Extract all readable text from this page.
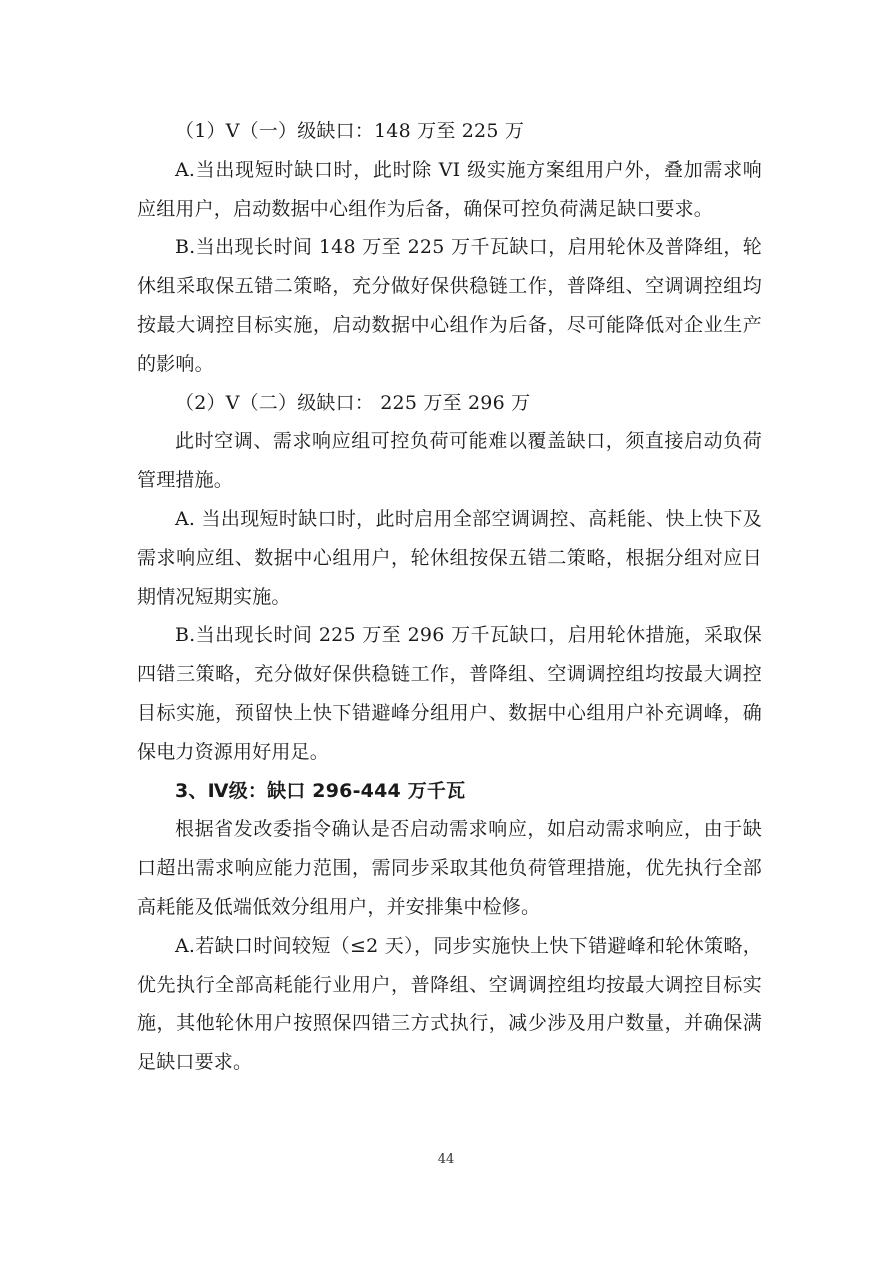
（1）V（一）级缺口：148 万至 225 万

A.当出现短时缺口时，此时除 VI 级实施方案组用户外，叠加需求响应组用户，启动数据中心组作为后备，确保可控负荷满足缺口要求。

B.当出现长时间 148 万至 225 万千瓦缺口，启用轮休及普降组，轮休组采取保五错二策略，充分做好保供稳链工作，普降组、空调调控组均按最大调控目标实施，启动数据中心组作为后备，尽可能降低对企业生产的影响。

（2）V（二）级缺口： 225 万至 296 万

此时空调、需求响应组可控负荷可能难以覆盖缺口，须直接启动负荷管理措施。

A. 当出现短时缺口时，此时启用全部空调调控、高耗能、快上快下及需求响应组、数据中心组用户，轮休组按保五错二策略，根据分组对应日期情况短期实施。

B.当出现长时间 225 万至 296 万千瓦缺口，启用轮休措施，采取保四错三策略，充分做好保供稳链工作，普降组、空调调控组均按最大调控目标实施，预留快上快下错避峰分组用户、数据中心组用户补充调峰，确保电力资源用好用足。

3、Ⅳ级：缺口 296-444 万千瓦

根据省发改委指令确认是否启动需求响应，如启动需求响应，由于缺口超出需求响应能力范围，需同步采取其他负荷管理措施，优先执行全部高耗能及低端低效分组用户，并安排集中检修。

A.若缺口时间较短（≤2 天），同步实施快上快下错避峰和轮休策略，优先执行全部高耗能行业用户，普降组、空调调控组均按最大调控目标实施，其他轮休用户按照保四错三方式执行，减少涉及用户数量，并确保满足缺口要求。

44
